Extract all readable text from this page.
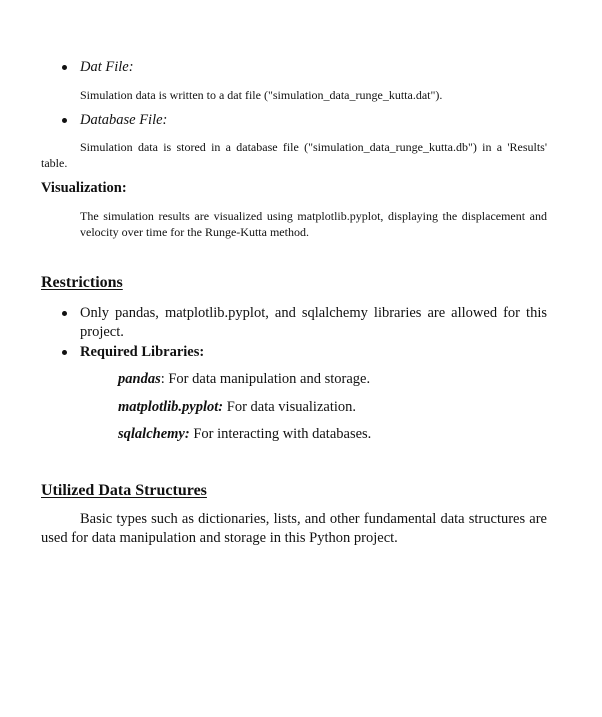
Dat File:
Simulation data is written to a dat file ("simulation_data_runge_kutta.dat").
Database File:
Simulation data is stored in a database file ("simulation_data_runge_kutta.db") in a 'Results' table.
Visualization:
The simulation results are visualized using matplotlib.pyplot, displaying the displacement and velocity over time for the Runge-Kutta method.
Restrictions
Only pandas, matplotlib.pyplot, and sqlalchemy libraries are allowed for this project.
Required Libraries:
pandas: For data manipulation and storage.
matplotlib.pyplot: For data visualization.
sqlalchemy: For interacting with databases.
Utilized Data Structures
Basic types such as dictionaries, lists, and other fundamental data structures are used for data manipulation and storage in this Python project.
